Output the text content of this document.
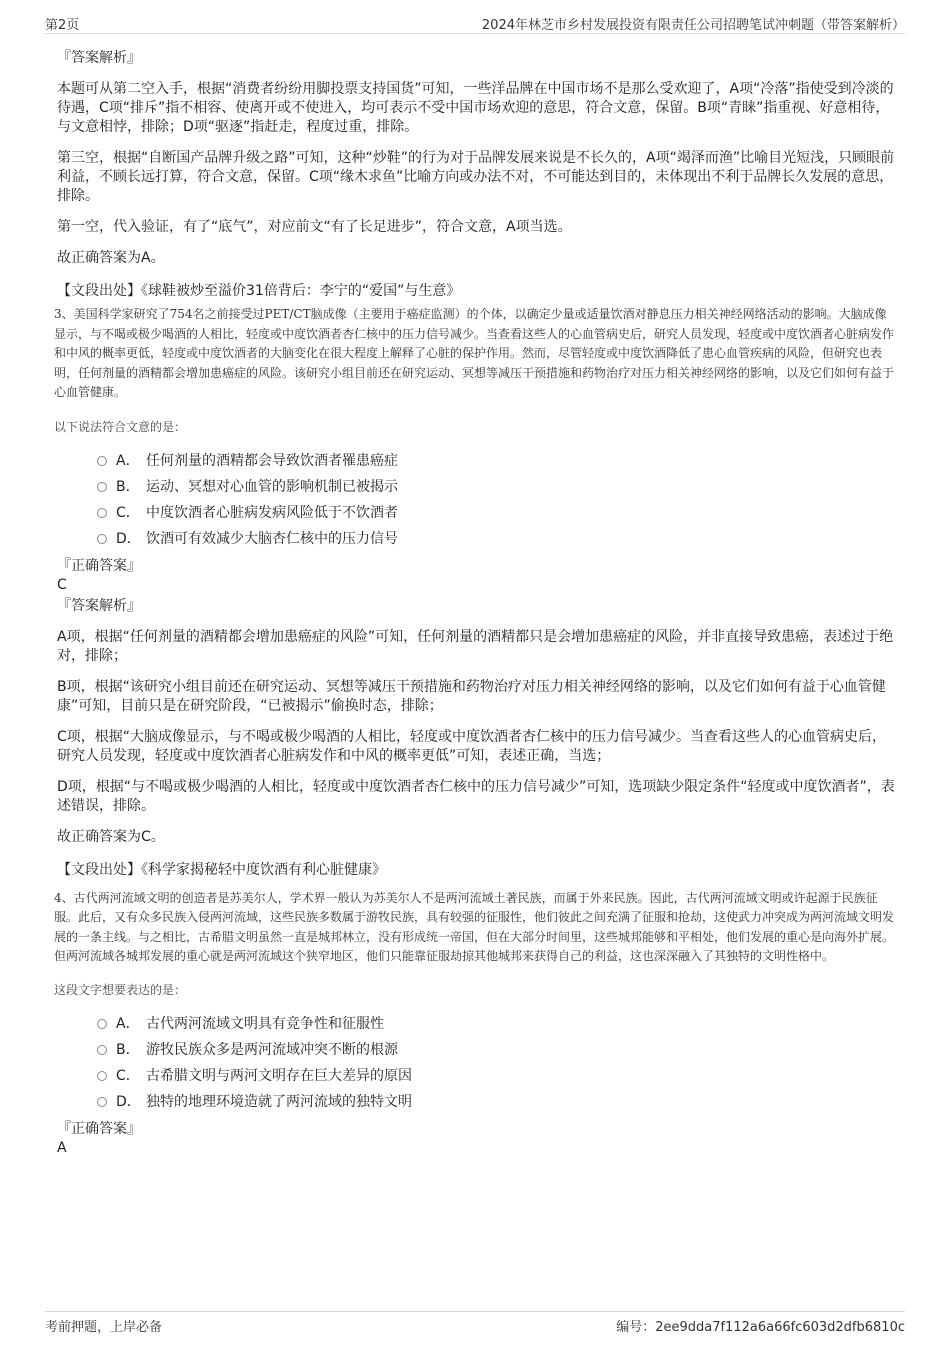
第2页	2024年林芝市乡村发展投资有限责任公司招聘笔试冲刺题（带答案解析）
『答案解析』
本题可从第二空入手，根据“消费者纷纷用脚投票支持国货”可知，一些洋品牌在中国市场不是那么受欢迎了，A项“冷落”指使受到冷淡的待遇，C项“排斥”指不相容、使离开或不使进入，均可表示不受中国市场欢迎的意思，符合文意，保留。B项“青睐”指重视、好意相待，与文意相悖，排除；D项“驱逐”指赶走，程度过重，排除。
第三空，根据“自断国产品牌升级之路”可知，这种“炒鞋”的行为对于品牌发展来说是不长久的，A项“竭泽而渔”比喻目光短浅，只顾眼前利益，不顾长远打算，符合文意，保留。C项“缘木求鱼”比喻方向或办法不对，不可能达到目的，未体现出不利于品牌长久发展的意思，排除。
第一空，代入验证，有了“底气”，对应前文“有了长足进步”，符合文意，A项当选。
故正确答案为A。
【文段出处】《球鞋被炒至溢价31倍背后：李宁的“爱国”与生意》
3、美国科学家研究了754名之前接受过PET/CT脑成像（主要用于癌症监测）的个体，以确定少量或适量饮酒对静息压力相关神经网络活动的影响。大脑成像显示，与不喝或极少喝酒的人相比，轻度或中度饮酒者杏仁核中的压力信号减少。当查看这些人的心血管病史后，研究人员发现，轻度或中度饮酒者心脏病发作和中风的概率更低，轻度或中度饮酒者的大脑变化在很大程度上解释了心脏的保护作用。然而，尽管轻度或中度饮酒降低了患心血管疾病的风险，但研究也表明，任何剂量的酒精都会增加患癌症的风险。该研究小组目前还在研究运动、冥想等减压干预措施和药物治疗对压力相关神经网络的影响，以及它们如何有益于心血管健康。
以下说法符合文意的是：
A． 任何剂量的酒精都会导致饮酒者罹患癌症
B． 运动、冥想对心血管的影响机制已被揭示
C． 中度饮酒者心脏病发病风险低于不饮酒者
D． 饮酒可有效减少大脑杏仁核中的压力信号
『正确答案』
C
『答案解析』
A项，根据“任何剂量的酒精都会增加患癌症的风险”可知，任何剂量的酒精都只是会增加患癌症的风险，并非直接导致患癌，表述过于绝对，排除；
B项，根据“该研究小组目前还在研究运动、冥想等减压干预措施和药物治疗对压力相关神经网络的影响，以及它们如何有益于心血管健康”可知，目前只是在研究阶段，“已被揭示”偷换时态，排除；
C项，根据“大脑成像显示，与不喝或极少喝酒的人相比，轻度或中度饮酒者杏仁核中的压力信号减少。当查看这些人的心血管病史后，研究人员发现，轻度或中度饮酒者心脏病发作和中风的概率更低”可知，表述正确，当选；
D项，根据“与不喝或极少喝酒的人相比，轻度或中度饮酒者杏仁核中的压力信号减少”可知，选项缺少限定条件“轻度或中度饮酒者”，表述错误，排除。
故正确答案为C。
【文段出处】《科学家揭秘轻中度饮酒有利心脏健康》
4、古代两河流域文明的创造者是苏美尔人，学术界一般认为苏美尔人不是两河流域土著民族，而属于外来民族。因此，古代两河流域文明或许起源于民族征服。此后，又有众多民族入侵两河流域，这些民族多数属于游牧民族，具有较强的征服性，他们彼此之间充满了征服和抢劫，这使武力冲突成为两河流域文明发展的一条主线。与之相比，古希腊文明虽然一直是城邦林立，没有形成统一帝国，但在大部分时间里，这些城邦能够和平相处，他们发展的重心是向海外扩展。但两河流域各城邦发展的重心就是两河流域这个狭窄地区，他们只能靠征服劫掠其他城邦来获得自己的利益，这也深深融入了其独特的文明性格中。
这段文字想要表达的是：
A． 古代两河流域文明具有竞争性和征服性
B． 游牧民族众多是两河流域冲突不断的根源
C． 古希腊文明与两河文明存在巨大差异的原因
D． 独特的地理环境造就了两河流域的独特文明
『正确答案』
A
考前押题，上岸必备	编号：2ee9dda7f112a6a66fc603d2dfb6810c
